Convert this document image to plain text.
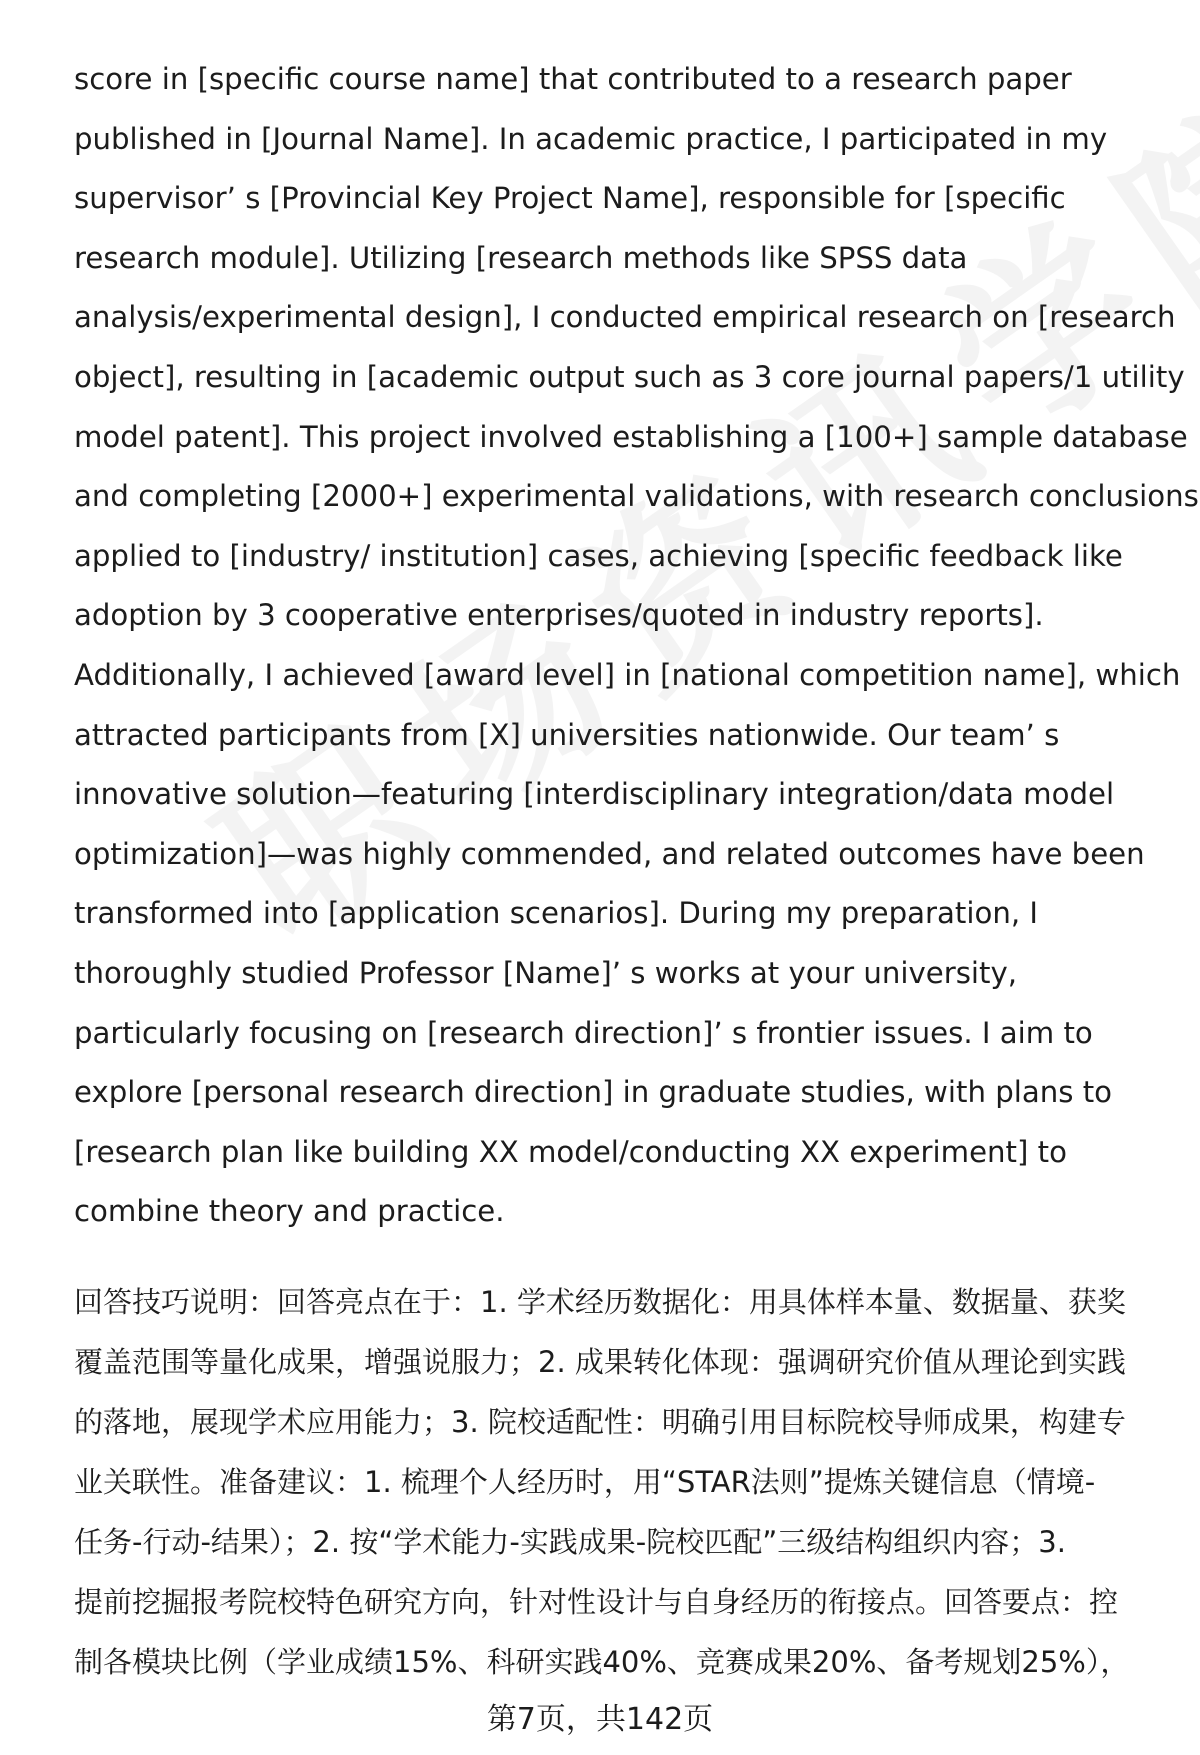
score in [specific course name] that contributed to a research paper
published in [Journal Name]. In academic practice, I participated in my
supervisor’ s [Provincial Key Project Name], responsible for [specific
research module]. Utilizing [research methods like SPSS data
analysis/experimental design], I conducted empirical research on [research
object], resulting in [academic output such as 3 core journal papers/1 utility
model patent]. This project involved establishing a [100+] sample database
and completing [2000+] experimental validations, with research conclusions
applied to [industry/ institution] cases, achieving [specific feedback like
adoption by 3 cooperative enterprises/quoted in industry reports].
Additionally, I achieved [award level] in [national competition name], which
attracted participants from [X] universities nationwide. Our team’ s
innovative solution—featuring [interdisciplinary integration/data model
optimization]—was highly commended, and related outcomes have been
transformed into [application scenarios]. During my preparation, I
thoroughly studied Professor [Name]’ s works at your university,
particularly focusing on [research direction]’ s frontier issues. I aim to
explore [personal research direction] in graduate studies, with plans to
[research plan like building XX model/conducting XX experiment] to
combine theory and practice.

回答技巧说明：回答亮点在于：1. 学术经历数据化：用具体样本量、数据量、获奖
覆盖范围等量化成果，增强说服力；2. 成果转化体现：强调研究价值从理论到实践
的落地，展现学术应用能力；3. 院校适配性：明确引用目标院校导师成果，构建专
业关联性。准备建议：1. 梳理个人经历时，用“STAR法则”提炼关键信息（情境-
任务-行动-结果）；2. 按“学术能力-实践成果-院校匹配”三级结构组织内容；3.
提前挖掘报考院校特色研究方向，针对性设计与自身经历的衔接点。回答要点：控
制各模块比例（学业成绩15%、科研实践40%、竞赛成果20%、备考规划25%），
第7页，共142页
